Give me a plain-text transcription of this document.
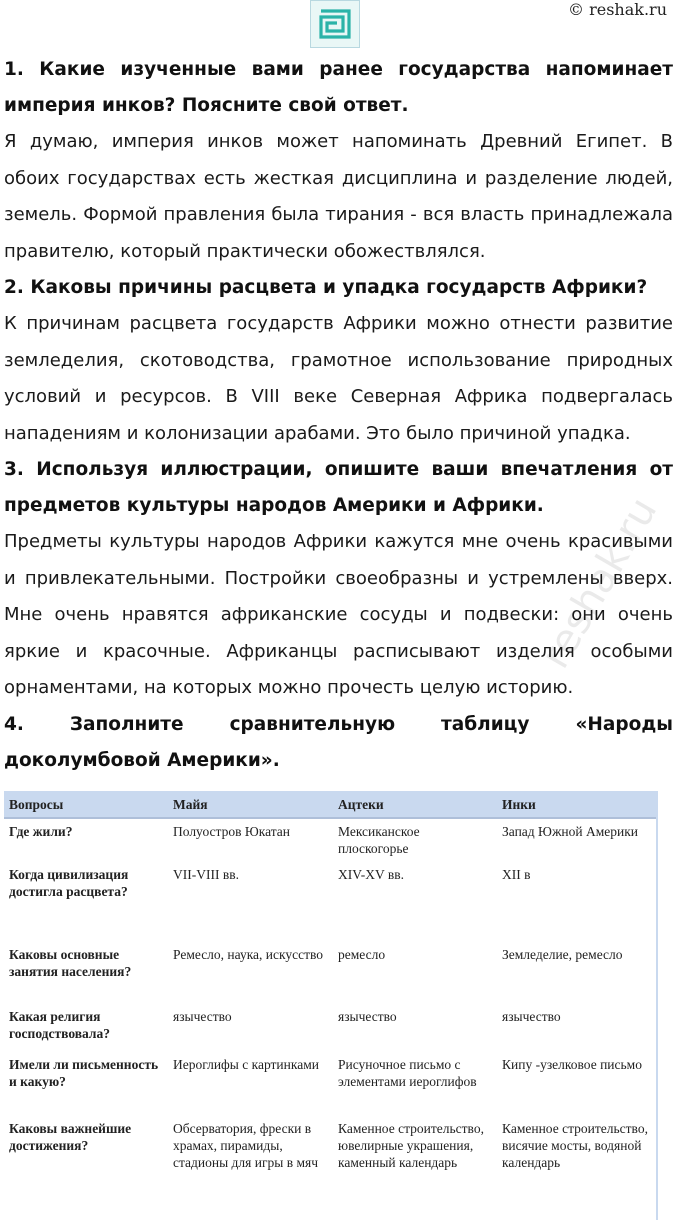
© reshak.ru

1. Какие изученные вами ранее государства напоминает империя инков? Поясните свой ответ.

Я думаю, империя инков может напоминать Древний Египет. В обоих государствах есть жесткая дисциплина и разделение людей, земель. Формой правления была тирания - вся власть принадлежала правителю, который практически обожествлялся.

2. Каковы причины расцвета и упадка государств Африки?

К причинам расцвета государств Африки можно отнести развитие земледелия, скотоводства, грамотное использование природных условий и ресурсов. В VIII веке Северная Африка подвергалась нападениям и колонизации арабами. Это было причиной упадка.

3. Используя иллюстрации, опишите ваши впечатления от предметов культуры народов Америки и Африки.

Предметы культуры народов Африки кажутся мне очень красивыми и привлекательными. Постройки своеобразны и устремлены вверх. Мне очень нравятся африканские сосуды и подвески: они очень яркие и красочные. Африканцы расписывают изделия особыми орнаментами, на которых можно прочесть целую историю.

4. Заполните сравнительную таблицу «Народы доколумбовой Америки».

reshak.ru
Вопросы	Майя	Ацтеки	Инки
Где жили?	Полуостров Юкатан	Мексиканское плоскогорье	Запад Южной Америки
Когда цивилизация достигла расцвета?	VII-VIII вв.	XIV-XV вв.	XII в
Каковы основные занятия населения?	Ремесло, наука, искусство	ремесло	Земледелие, ремесло
Какая религия господствовала?	язычество	язычество	язычество
Имели ли письменность и какую?	Иероглифы с картинками	Рисуночное письмо с элементами иероглифов	Кипу -узелковое письмо
Каковы важнейшие достижения?	Обсерватория, фрески в храмах, пирамиды, стадионы для игры в мяч	Каменное строительство, ювелирные украшения, каменный календарь	Каменное строительство, висячие мосты, водяной календарь
